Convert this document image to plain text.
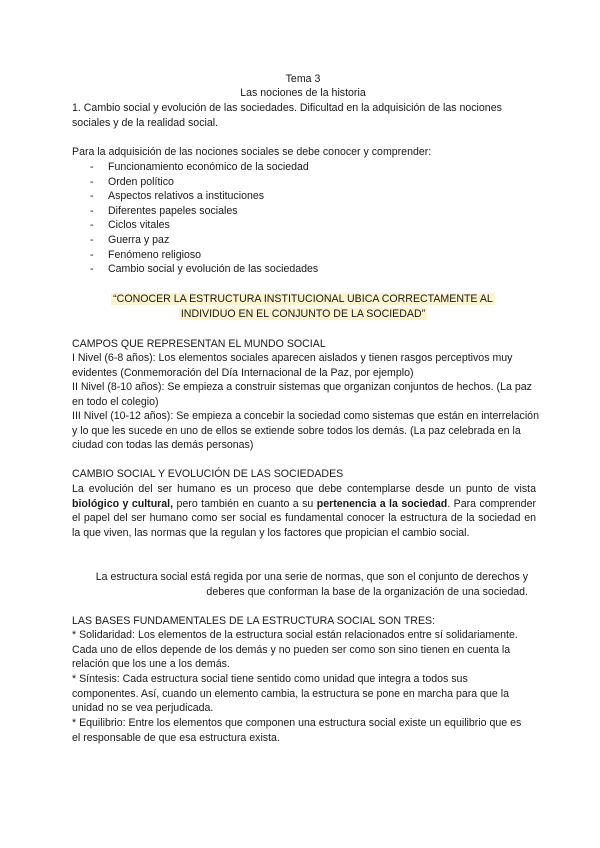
Tema 3
Las nociones de la historia
1. Cambio social y evolución de las sociedades. Dificultad en la adquisición de las nociones sociales y de la realidad social.
Para la adquisición de las nociones sociales se debe conocer y comprender:
- Funcionamiento económico de la sociedad
- Orden político
- Aspectos relativos a instituciones
- Diferentes papeles sociales
- Ciclos vitales
- Guerra y paz
- Fenómeno religioso
- Cambio social y evolución de las sociedades
“CONOCER LA ESTRUCTURA INSTITUCIONAL UBICA CORRECTAMENTE AL
INDIVIDUO EN EL CONJUNTO DE LA SOCIEDAD”
CAMPOS QUE REPRESENTAN EL MUNDO SOCIAL
I Nivel (6-8 años): Los elementos sociales aparecen aislados y tienen rasgos perceptivos muy evidentes (Conmemoración del Día Internacional de la Paz, por ejemplo)
II Nivel (8-10 años): Se empieza a construir sistemas que organizan conjuntos de hechos. (La paz en todo el colegio)
III Nivel (10-12 años): Se empieza a concebir la sociedad como sistemas que están en interrelación y lo que les sucede en uno de ellos se extiende sobre todos los demás. (La paz celebrada en la ciudad con todas las demás personas)
CAMBIO SOCIAL Y EVOLUCIÓN DE LAS SOCIEDADES

La evolución del ser humano es un proceso que debe contemplarse desde un punto de vista biológico y cultural, pero también en cuanto a su pertenencia a la sociedad. Para comprender el papel del ser humano como ser social es fundamental conocer la estructura de la sociedad en la que viven, las normas que la regulan y los factores que propician el cambio social.

La estructura social está regida por una serie de normas, que son el conjunto de derechos y
deberes que conforman la base de la organización de una sociedad.
LAS BASES FUNDAMENTALES DE LA ESTRUCTURA SOCIAL SON TRES:
* Solidaridad: Los elementos de la estructura social están relacionados entre sí solidariamente. Cada uno de ellos depende de los demás y no pueden ser como son sino tienen en cuenta la relación que los une a los demás.
* Síntesis: Cada estructura social tiene sentido como unidad que integra a todos sus componentes. Así, cuando un elemento cambia, la estructura se pone en marcha para que la unidad no se vea perjudicada.
* Equilibrio: Entre los elementos que componen una estructura social existe un equilibrio que es el responsable de que esa estructura exista.
